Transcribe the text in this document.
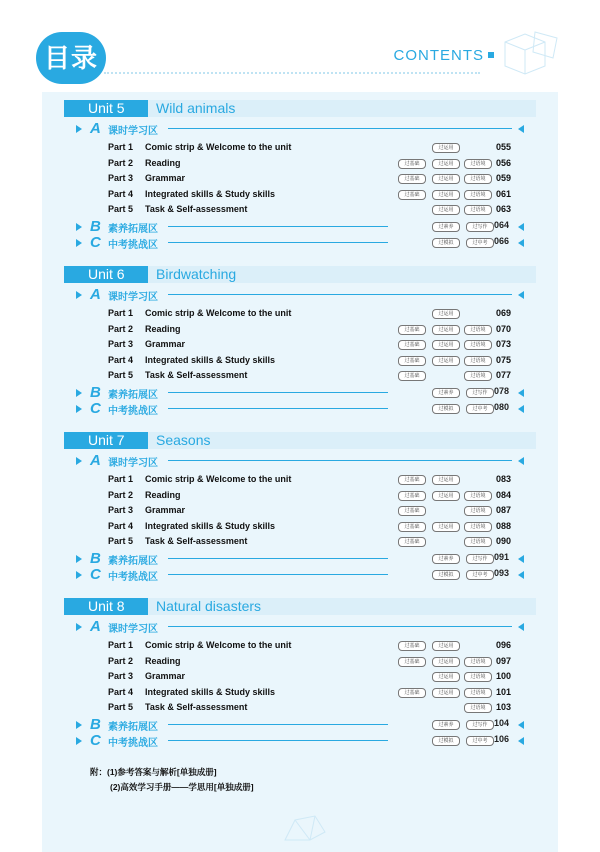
目录	CONTENTS
Unit 5	Wild animals
A 课时学习区
Part 1 Comic strip & Welcome to the unit	过运用	055
Part 2 Reading	过基础	过运用	过语境	056
Part 3 Grammar	过基础	过运用	过语境	059
Part 4 Integrated skills & Study skills	过基础	过运用	过语境	061
Part 5 Task & Self-assessment	过运用	过语境	063
B 素养拓展区	过素养	过写作 064
C 中考挑战区	过模拟	过中考 066
Unit 6	Birdwatching
A 课时学习区
Part 1 Comic strip & Welcome to the unit	过运用	069
Part 2 Reading	过基础	过运用	过语境	070
Part 3 Grammar	过基础	过运用	过语境	073
Part 4 Integrated skills & Study skills	过基础	过运用	过语境	075
Part 5 Task & Self-assessment	过基础	过语境	077
B 素养拓展区	过素养	过写作 078
C 中考挑战区	过模拟	过中考 080
Unit 7	Seasons
A 课时学习区
Part 1 Comic strip & Welcome to the unit	过基础	过运用	083
Part 2 Reading	过基础	过运用	过语境	084
Part 3 Grammar	过基础	过语境	087
Part 4 Integrated skills & Study skills	过基础	过运用	过语境	088
Part 5 Task & Self-assessment	过基础	过语境	090
B 素养拓展区	过素养	过写作 091
C 中考挑战区	过模拟	过中考 093
Unit 8	Natural disasters
A 课时学习区
Part 1 Comic strip & Welcome to the unit	过基础	过运用	096
Part 2 Reading	过基础	过运用	过语境	097
Part 3 Grammar	过运用	过语境	100
Part 4 Integrated skills & Study skills	过基础	过运用	过语境	101
Part 5 Task & Self-assessment	过语境	103
B 素养拓展区	过素养	过写作 104
C 中考挑战区	过模拟	过中考 106
附：(1)参考答案与解析[单独成册]
(2)高效学习手册——学思用[单独成册]
